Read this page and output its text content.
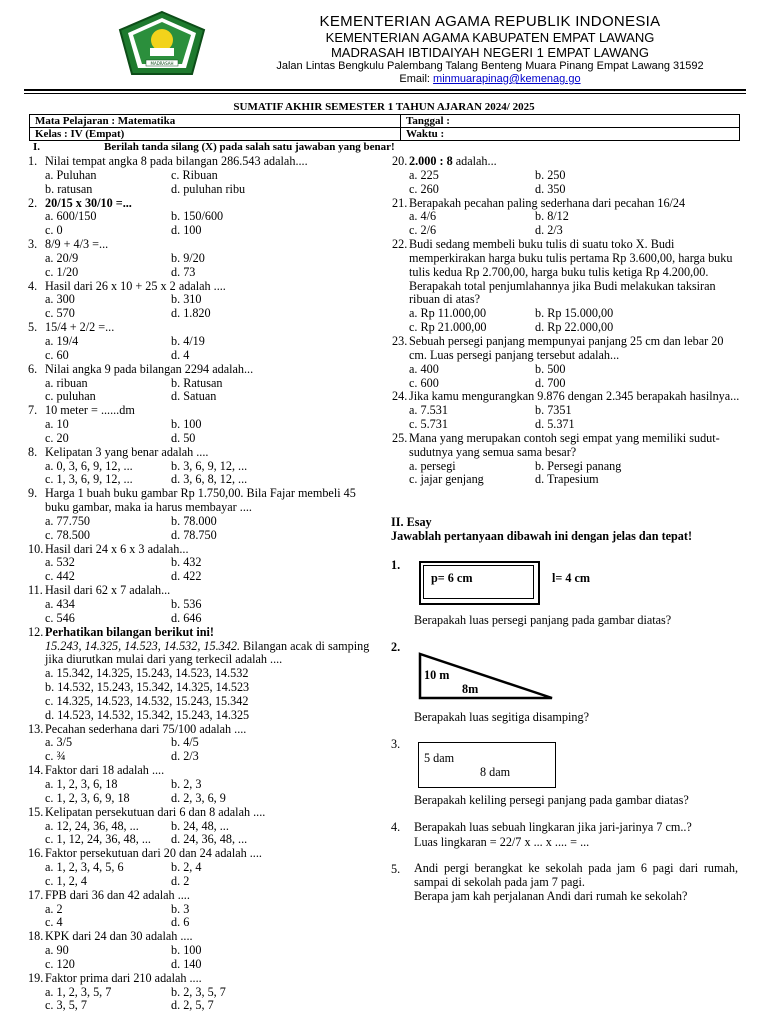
MADRASAH
KEMENTERIAN AGAMA REPUBLIK INDONESIA
KEMENTERIAN AGAMA KABUPATEN EMPAT LAWANG
MADRASAH IBTIDAIYAH NEGERI 1 EMPAT LAWANG
Jalan Lintas Bengkulu Palembang Talang Benteng Muara Pinang Empat Lawang 31592
Email: minmuarapinag@kemenag.go
SUMATIF AKHIR SEMESTER 1 TAHUN AJARAN 2024/ 2025
Mata Pelajaran : Matematika	Tanggal :
Kelas : IV (Empat)	Waktu :
I.	Berilah tanda silang (X) pada salah satu jawaban yang benar!
1. Nilai tempat angka 8 pada bilangan 286.543 adalah....
a. Puluhan	c. Ribuan
b. ratusan	d. puluhan ribu
2. 20/15 x 30/10 =...
a. 600/150	b. 150/600
c. 0	d. 100
3. 8/9 + 4/3 =...
a. 20/9	b. 9/20
c. 1/20	d. 73
4. Hasil dari 26 x 10 + 25 x 2 adalah ....
a. 300	b. 310
c. 570	d. 1.820
5. 15/4 + 2/2 =...
a. 19/4	b. 4/19
c. 60	d. 4
6. Nilai angka 9 pada bilangan 2294 adalah...
a. ribuan	b. Ratusan
c. puluhan	d. Satuan
7. 10 meter = ......dm
a. 10	b. 100
c. 20	d. 50
8. Kelipatan 3 yang benar adalah ....
a. 0, 3, 6, 9, 12, ...	b. 3, 6, 9, 12, ...
c. 1, 3, 6, 9, 12, ...	d. 3, 6, 8, 12, ...
9. Harga 1 buah buku gambar Rp 1.750,00. Bila Fajar membeli 45 buku gambar, maka ia harus membayar ....
a. 77.750	b. 78.000
c. 78.500	d. 78.750
10. Hasil dari 24 x 6 x 3 adalah...
a. 532	b. 432
c. 442	d. 422
11. Hasil dari 62 x 7 adalah...
a. 434	b. 536
c. 546	d. 646
12. Perhatikan bilangan berikut ini!
15.243, 14.325, 14.523, 14.532, 15.342. Bilangan acak di samping jika diurutkan mulai dari yang terkecil adalah ....
a. 15.342, 14.325, 15.243, 14.523, 14.532
b. 14.532, 15.243, 15.342, 14.325, 14.523
c. 14.325, 14.523, 14.532, 15.243, 15.342
d. 14.523, 14.532, 15.342, 15.243, 14.325
13. Pecahan sederhana dari 75/100 adalah ....
a. 3/5	b. 4/5
c. ¾	d. 2/3
14. Faktor dari 18 adalah ....
a. 1, 2, 3, 6, 18	b. 2, 3
c. 1, 2, 3, 6, 9, 18	d. 2, 3, 6, 9
15. Kelipatan persekutuan dari 6 dan 8 adalah ....
a. 12, 24, 36, 48, ...	b. 24, 48, ...
c. 1, 12, 24, 36, 48, ...	d. 24, 36, 48, ...
16. Faktor persekutuan dari 20 dan 24 adalah ....
a. 1, 2, 3, 4, 5, 6	b. 2, 4
c. 1, 2, 4	d. 2
17. FPB dari 36 dan 42 adalah ....
a. 2	b. 3
c. 4	d. 6
18. KPK dari 24 dan 30 adalah ....
a. 90	b. 100
c. 120	d. 140
19. Faktor prima dari 210 adalah ....
a. 1, 2, 3, 5, 7	b. 2, 3, 5, 7
c. 3, 5, 7	d. 2, 5, 7
20. 2.000 : 8 adalah...
a. 225	b. 250
c. 260	d. 350
21. Berapakah pecahan paling sederhana dari pecahan 16/24
a. 4/6	b. 8/12
c. 2/6	d. 2/3
22. Budi sedang membeli buku tulis di suatu toko X. Budi memperkirakan harga buku tulis pertama Rp 3.600,00, harga buku tulis kedua Rp 2.700,00, harga buku tulis ketiga Rp 4.200,00. Berapakah total penjumlahannya jika Budi melakukan taksiran ribuan di atas?
a. Rp 11.000,00	b. Rp 15.000,00
c. Rp 21.000,00	d. Rp 22.000,00
23. Sebuah persegi panjang mempunyai panjang 25 cm dan lebar 20 cm. Luas persegi panjang tersebut adalah...
a. 400	b. 500
c. 600	d. 700
24. Jika kamu mengurangkan 9.876 dengan 2.345 berapakah hasilnya...
a. 7.531	b. 7351
c. 5.731	d. 5.371
25. Mana yang merupakan contoh segi empat yang memiliki sudut-sudutnya yang semua sama besar?
a. persegi	b. Persegi panang
c. jajar genjang	d. Trapesium
II. Esay
Jawablah pertanyaan dibawah ini dengan jelas dan tepat!
1.
p= 6 cm	l= 4 cm
Berapakah luas persegi panjang pada gambar diatas?
2.
10 m
8m
Berapakah luas segitiga disamping?
3.
5 dam
8 dam
Berapakah keliling persegi panjang pada gambar diatas?
4. Berapakah luas sebuah lingkaran jika jari-jarinya 7 cm..?
Luas lingkaran = 22/7 x ... x .... = ...
5. Andi pergi berangkat ke sekolah pada jam 6 pagi dari rumah, sampai di sekolah pada jam 7 pagi.
Berapa jam kah perjalanan Andi dari rumah ke sekolah?
